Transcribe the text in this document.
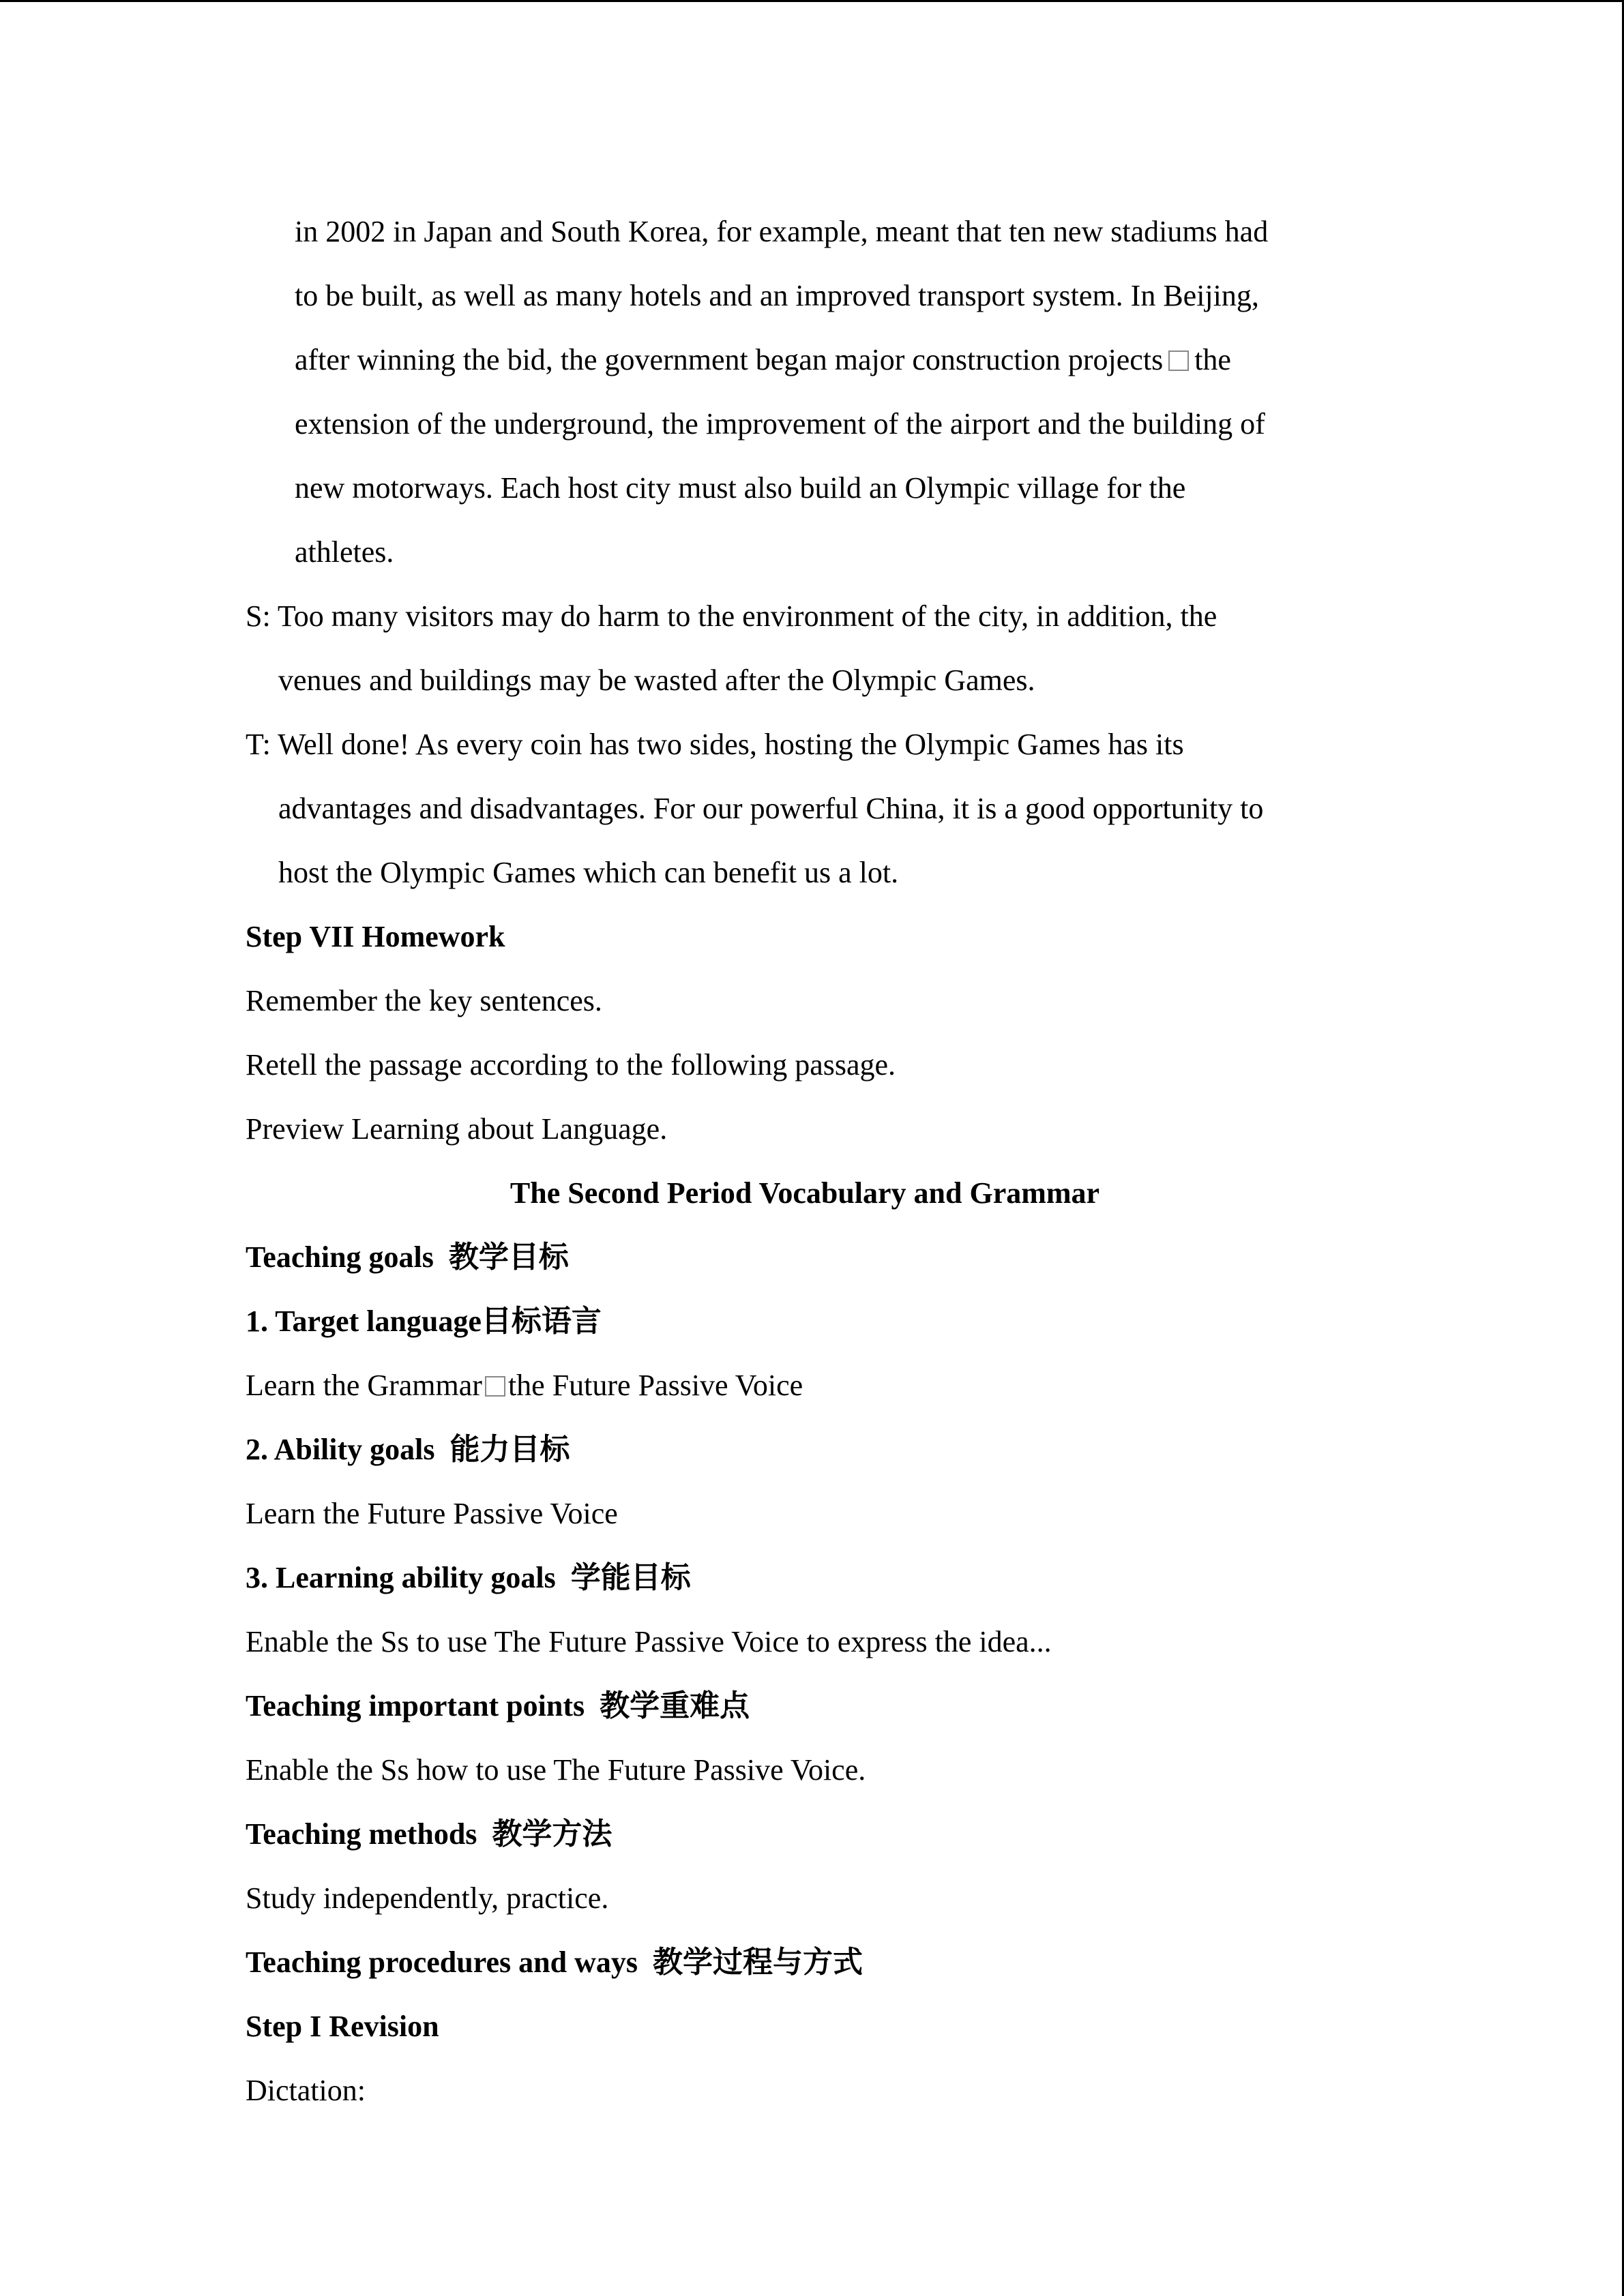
in 2002 in Japan and South Korea, for example, meant that ten new stadiums had
to be built, as well as many hotels and an improved transport system. In Beijing,
after winning the bid, the government began major construction projects the
extension of the underground, the improvement of the airport and the building of
new motorways. Each host city must also build an Olympic village for the
athletes.
S: Too many visitors may do harm to the environment of the city, in addition, the
venues and buildings may be wasted after the Olympic Games.
T: Well done! As every coin has two sides, hosting the Olympic Games has its
advantages and disadvantages. For our powerful China, it is a good opportunity to
host the Olympic Games which can benefit us a lot.
Step VII Homework
Remember the key sentences.
Retell the passage according to the following passage.
Preview Learning about Language.
The Second Period Vocabulary and Grammar
Teaching goals 教学目标
1. Target language目标语言
Learn the Grammar the Future Passive Voice
2. Ability goals 能力目标
Learn the Future Passive Voice
3. Learning ability goals 学能目标
Enable the Ss to use The Future Passive Voice to express the idea...
Teaching important points 教学重难点
Enable the Ss how to use The Future Passive Voice.
Teaching methods 教学方法
Study independently, practice.
Teaching procedures and ways 教学过程与方式
Step I Revision
Dictation:
